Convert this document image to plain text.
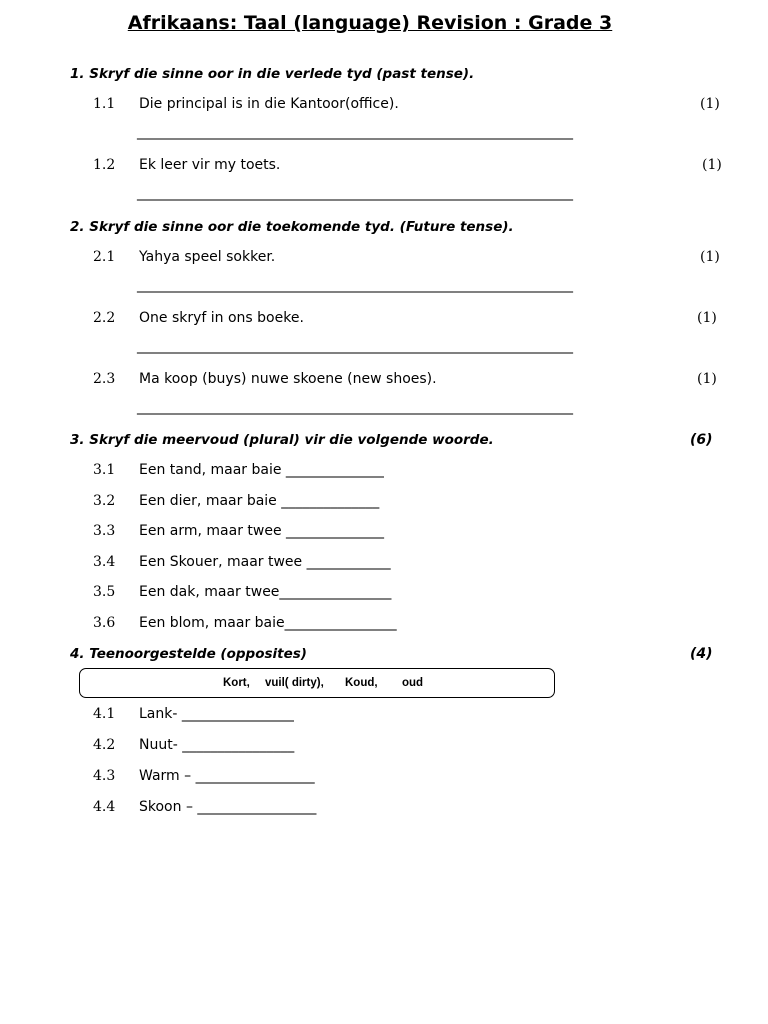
Afrikaans: Taal (language) Revision : Grade 3
1. Skryf die sinne oor in die verlede tyd (past tense).
1.1 Die principal is in die Kantoor(office).	(1)
___________________________________________________________________
1.2 Ek leer vir my toets.	(1)
___________________________________________________________________
2. Skryf die sinne oor die toekomende tyd. (Future tense).
2.1 Yahya speel sokker.	(1)
___________________________________________________________________
2.2 One skryf in ons boeke.	(1)
___________________________________________________________________
2.3 Ma koop (buys) nuwe skoene (new shoes).	(1)
___________________________________________________________________
3. Skryf die meervoud (plural) vir die volgende woorde.	(6)
3.1 Een tand, maar baie ______________
3.2 Een dier, maar baie ______________
3.3 Een arm, maar twee ______________
3.4 Een Skouer, maar twee ____________
3.5 Een dak, maar twee________________
3.6 Een blom, maar baie________________
4. Teenoorgestelde (opposites)	(4)
Kort, vuil( dirty), Koud, oud
4.1 Lank- ________________
4.2 Nuut- ________________
4.3 Warm – _________________
4.4 Skoon – _________________
